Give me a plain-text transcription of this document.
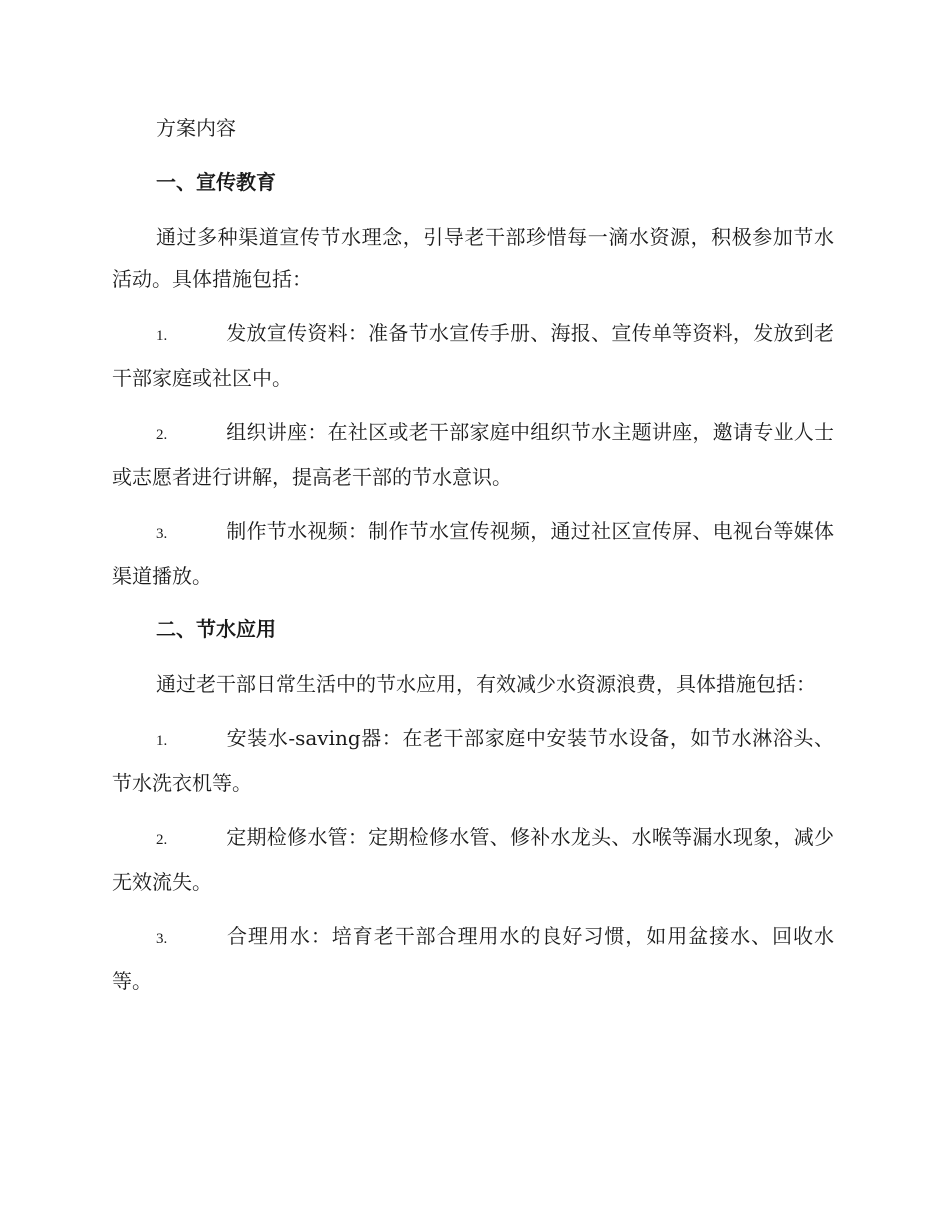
方案内容
一、宣传教育

通过多种渠道宣传节水理念，引导老干部珍惜每一滴水资源，积极参加节水活动。具体措施包括：

1.	发放宣传资料：准备节水宣传手册、海报、宣传单等资料，发放到老干部家庭或社区中。

2.	组织讲座：在社区或老干部家庭中组织节水主题讲座，邀请专业人士或志愿者进行讲解，提高老干部的节水意识。

3.	制作节水视频：制作节水宣传视频，通过社区宣传屏、电视台等媒体渠道播放。

二、节水应用

通过老干部日常生活中的节水应用，有效减少水资源浪费，具体措施包括：

1.	安装水-saving器：在老干部家庭中安装节水设备，如节水淋浴头、节水洗衣机等。

2.	定期检修水管：定期检修水管、修补水龙头、水喉等漏水现象，减少无效流失。

3.	合理用水：培育老干部合理用水的良好习惯，如用盆接水、回收水等。
